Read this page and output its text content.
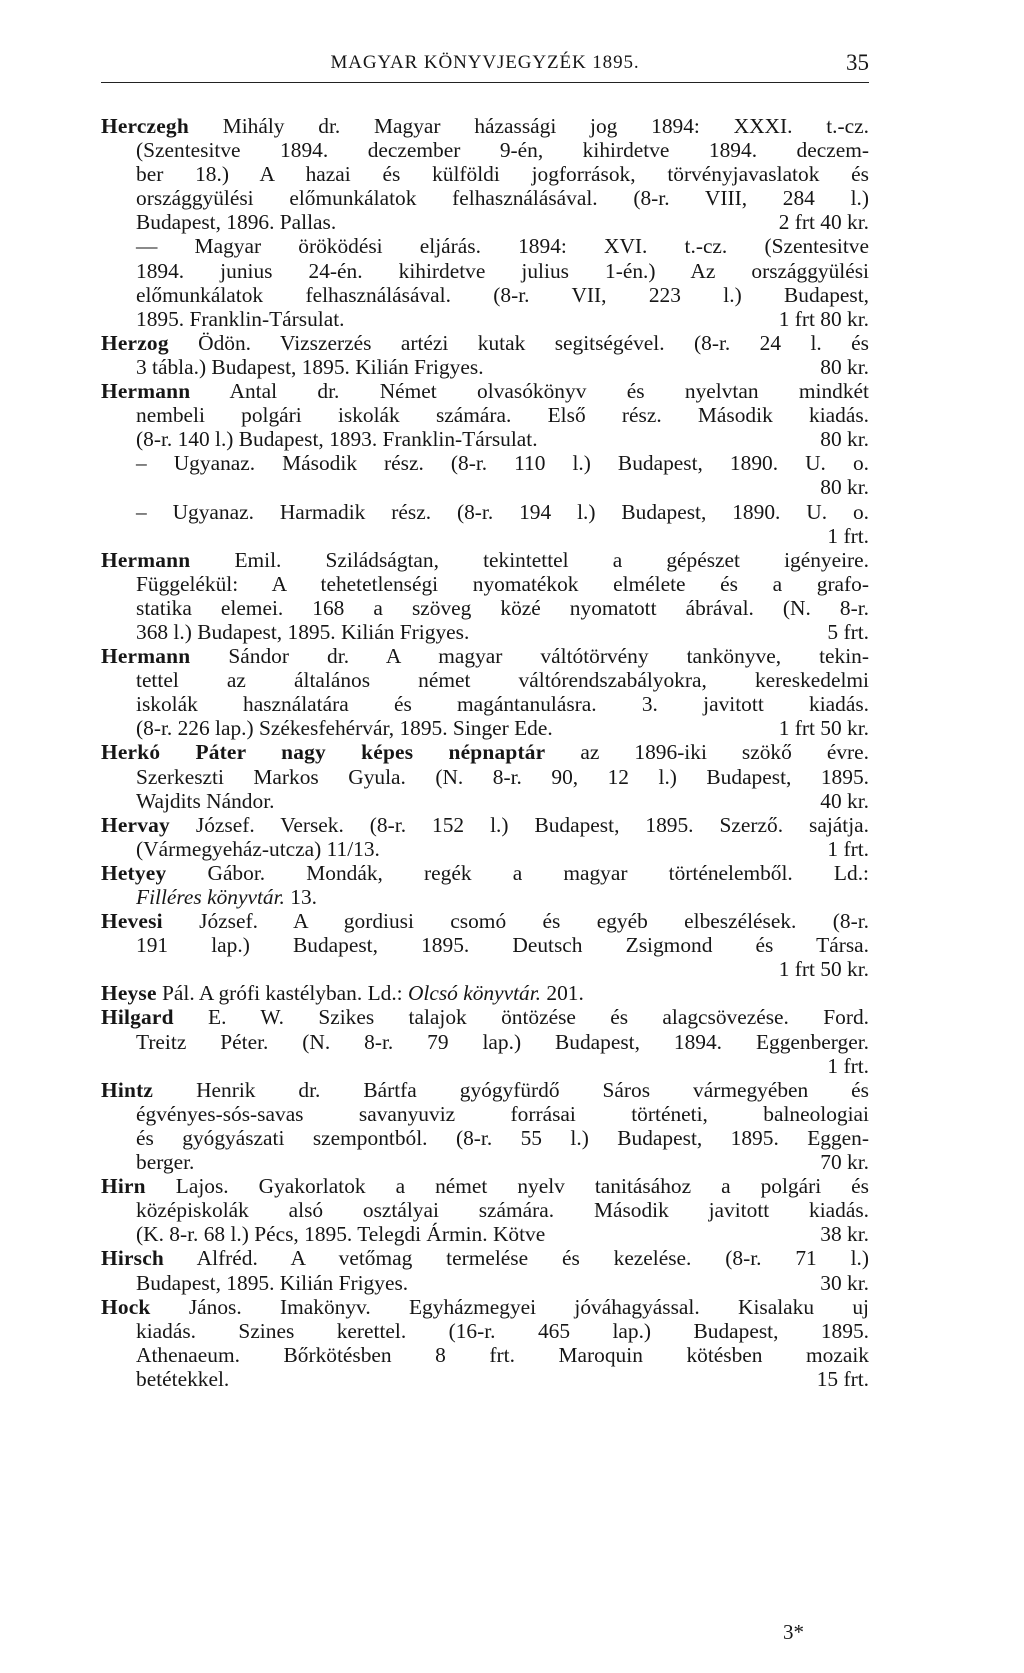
MAGYAR KÖNYVJEGYZÉK 1895.	35
Herczegh Mihály dr. Magyar házassági jog 1894: XXXI. t.-cz.
(Szentesitve 1894. deczember 9-én, kihirdetve 1894. deczem-
ber 18.) A hazai és külföldi jogforrások, törvényjavaslatok és
országgyülési előmunkálatok felhasználásával. (8-r. VIII, 284 l.)
Budapest, 1896. Pallas.	2 frt 40 kr.
— Magyar öröködési eljárás. 1894: XVI. t.-cz. (Szentesitve
1894. junius 24-én. kihirdetve julius 1-én.) Az országgyülési
előmunkálatok felhasználásával. (8-r. VII, 223 l.) Budapest,
1895. Franklin-Társulat.	1 frt 80 kr.
Herzog Ödön. Vizszerzés artézi kutak segitségével. (8-r. 24 l. és
3 tábla.) Budapest, 1895. Kilián Frigyes.	80 kr.
Hermann Antal dr. Német olvasókönyv és nyelvtan mindkét
nembeli polgári iskolák számára. Első rész. Második kiadás.
(8-r. 140 l.) Budapest, 1893. Franklin-Társulat.	80 kr.
– Ugyanaz. Második rész. (8-r. 110 l.) Budapest, 1890. U. o.
80 kr.
– Ugyanaz. Harmadik rész. (8-r. 194 l.) Budapest, 1890. U. o.
1 frt.
Hermann Emil. Sziládságtan, tekintettel a gépészet igényeire.
Függelékül: A tehetetlenségi nyomatékok elmélete és a grafo-
statika elemei. 168 a szöveg közé nyomatott ábrával. (N. 8-r.
368 l.) Budapest, 1895. Kilián Frigyes.	5 frt.
Hermann Sándor dr. A magyar váltótörvény tankönyve, tekin-
tettel az általános német váltórendszabályokra, kereskedelmi
iskolák használatára és magántanulásra. 3. javitott kiadás.
(8-r. 226 lap.) Székesfehérvár, 1895. Singer Ede.	1 frt 50 kr.
Herkó Páter nagy képes népnaptár az 1896-iki szökő évre.
Szerkeszti Markos Gyula. (N. 8-r. 90, 12 l.) Budapest, 1895.
Wajdits Nándor.	40 kr.
Hervay József. Versek. (8-r. 152 l.) Budapest, 1895. Szerző. sajátja.
(Vármegyeház-utcza) 11/13.	1 frt.
Hetyey Gábor. Mondák, regék a magyar történelemből. Ld.:
Filléres könyvtár. 13.
Hevesi József. A gordiusi csomó és egyéb elbeszélések. (8-r.
191 lap.) Budapest, 1895. Deutsch Zsigmond és Társa.
1 frt 50 kr.
Heyse Pál. A grófi kastélyban. Ld.: Olcsó könyvtár. 201.
Hilgard E. W. Szikes talajok öntözése és alagcsövezése. Ford.
Treitz Péter. (N. 8-r. 79 lap.) Budapest, 1894. Eggenberger.
1 frt.
Hintz Henrik dr. Bártfa gyógyfürdő Sáros vármegyében és
égvényes-sós-savas savanyuviz forrásai történeti, balneologiai
és gyógyászati szempontból. (8-r. 55 l.) Budapest, 1895. Eggen-
berger.	70 kr.
Hirn Lajos. Gyakorlatok a német nyelv tanitásához a polgári és
középiskolák alsó osztályai számára. Második javitott kiadás.
(K. 8-r. 68 l.) Pécs, 1895. Telegdi Ármin. Kötve	38 kr.
Hirsch Alfréd. A vetőmag termelése és kezelése. (8-r. 71 l.)
Budapest, 1895. Kilián Frigyes.	30 kr.
Hock János. Imakönyv. Egyházmegyei jóváhagyással. Kisalaku uj
kiadás. Szines kerettel. (16-r. 465 lap.) Budapest, 1895.
Athenaeum. Bőrkötésben 8 frt. Maroquin kötésben mozaik
betétekkel.	15 frt.
3*
